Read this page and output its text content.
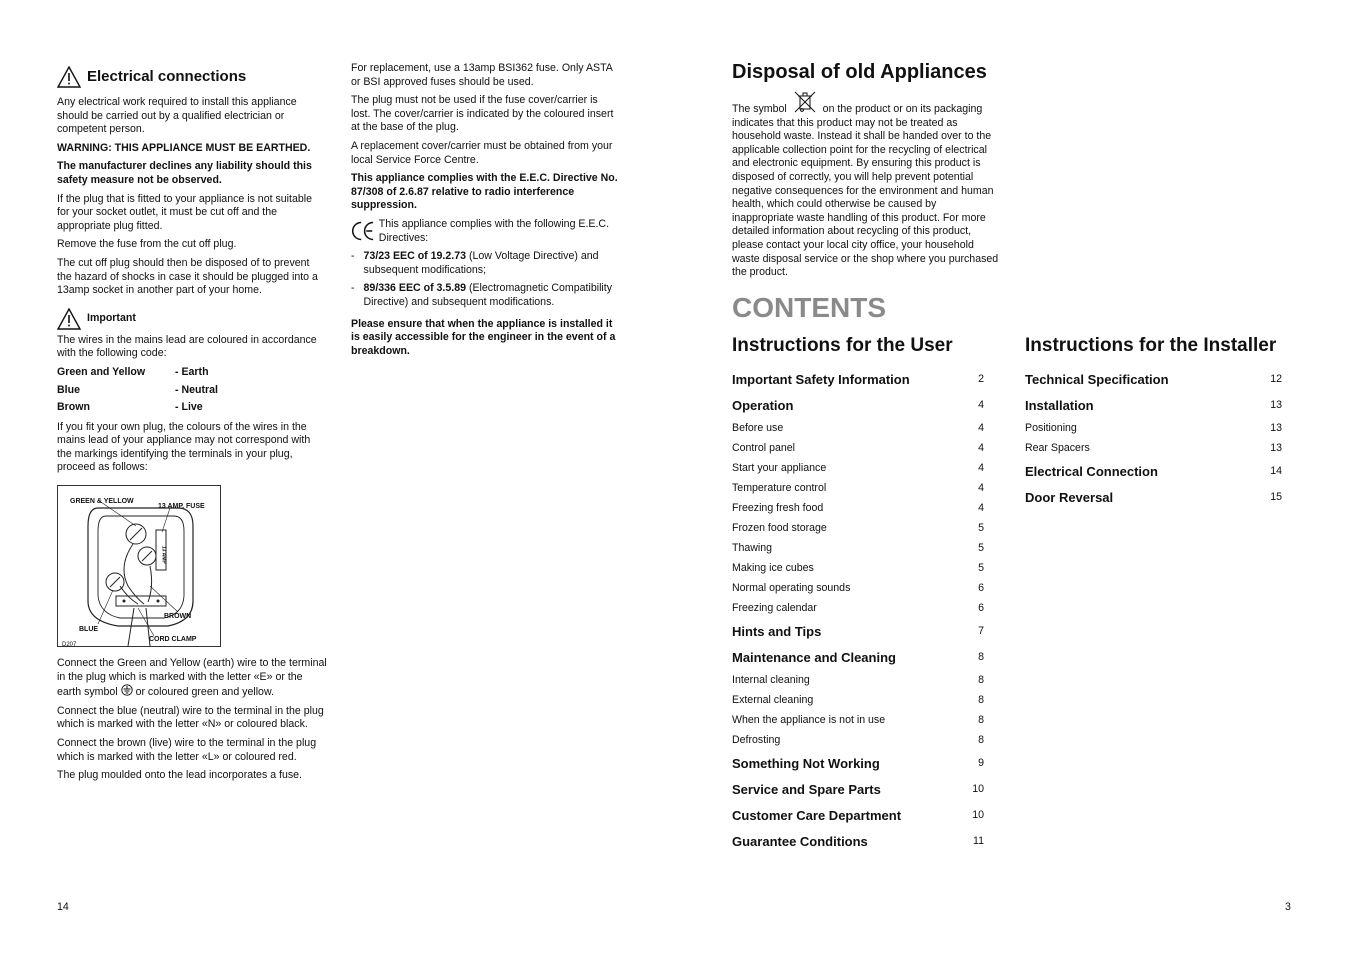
Electrical connections

Any electrical work required to install this appliance should be carried out by a qualified electrician or competent person.

WARNING: THIS APPLIANCE MUST BE EARTHED.

The manufacturer declines any liability should this safety measure not be observed.

If the plug that is fitted to your appliance is not suitable for your socket outlet, it must be cut off and the appropriate plug fitted.

Remove the fuse from the cut off plug.

The cut off plug should then be disposed of to prevent the hazard of shocks in case it should be plugged into a 13amp socket in another part of your home.

Important

The wires in the mains lead are coloured in accordance with the following code:

Green and Yellow	- Earth
Blue	- Neutral
Brown	- Live

If you fit your own plug, the colours of the wires in the mains lead of your appliance may not correspond with the markings identifying the terminals in your plug, proceed as follows:

GREEN & YELLOW
13 AMP. FUSE
13 AMP
BLUE
BROWN
CORD CLAMP
D207

Connect the Green and Yellow (earth) wire to the terminal in the plug which is marked with the letter «E» or the earth symbol or coloured green and yellow.

Connect the blue (neutral) wire to the terminal in the plug which is marked with the letter «N» or coloured black.

Connect the brown (live) wire to the terminal in the plug which is marked with the letter «L» or coloured red.

The plug moulded onto the lead incorporates a fuse.

For replacement, use a 13amp BSI362 fuse. Only ASTA or BSI approved fuses should be used.

The plug must not be used if the fuse cover/carrier is lost. The cover/carrier is indicated by the coloured insert at the base of the plug.

A replacement cover/carrier must be obtained from your local Service Force Centre.

This appliance complies with the E.E.C. Directive No. 87/308 of 2.6.87 relative to radio interference suppression.

This appliance complies with the following E.E.C. Directives:
- 73/23 EEC of 19.2.73 (Low Voltage Directive) and subsequent modifications;
- 89/336 EEC of 3.5.89 (Electromagnetic Compatibility Directive) and subsequent modifications.

Please ensure that when the appliance is installed it is easily accessible for the engineer in the event of a breakdown.

Disposal of old Appliances

The symbol	on the product or on its packaging indicates that this product may not be treated as household waste. Instead it shall be handed over to the applicable collection point for the recycling of electrical and electronic equipment. By ensuring this product is disposed of correctly, you will help prevent potential negative consequences for the environment and human health, which could otherwise be caused by inappropriate waste handling of this product. For more detailed information about recycling of this product, please contact your local city office, your household waste disposal service or the shop where you purchased the product.

CONTENTS
Instructions for the User
Important Safety Information	2
Operation	4
Before use	4
Control panel	4
Start your appliance	4
Temperature control	4
Freezing fresh food	4
Frozen food storage	5
Thawing	5
Making ice cubes	5
Normal operating sounds	6
Freezing calendar	6
Hints and Tips	7
Maintenance and Cleaning	8
Internal cleaning	8
External cleaning	8
When the appliance is not in use	8
Defrosting	8
Something Not Working	9
Service and Spare Parts	10
Customer Care Department	10
Guarantee Conditions	11
Instructions for the Installer
Technical Specification	12
Installation	13
Positioning	13
Rear Spacers	13
Electrical Connection	14
Door Reversal	15
14	3
